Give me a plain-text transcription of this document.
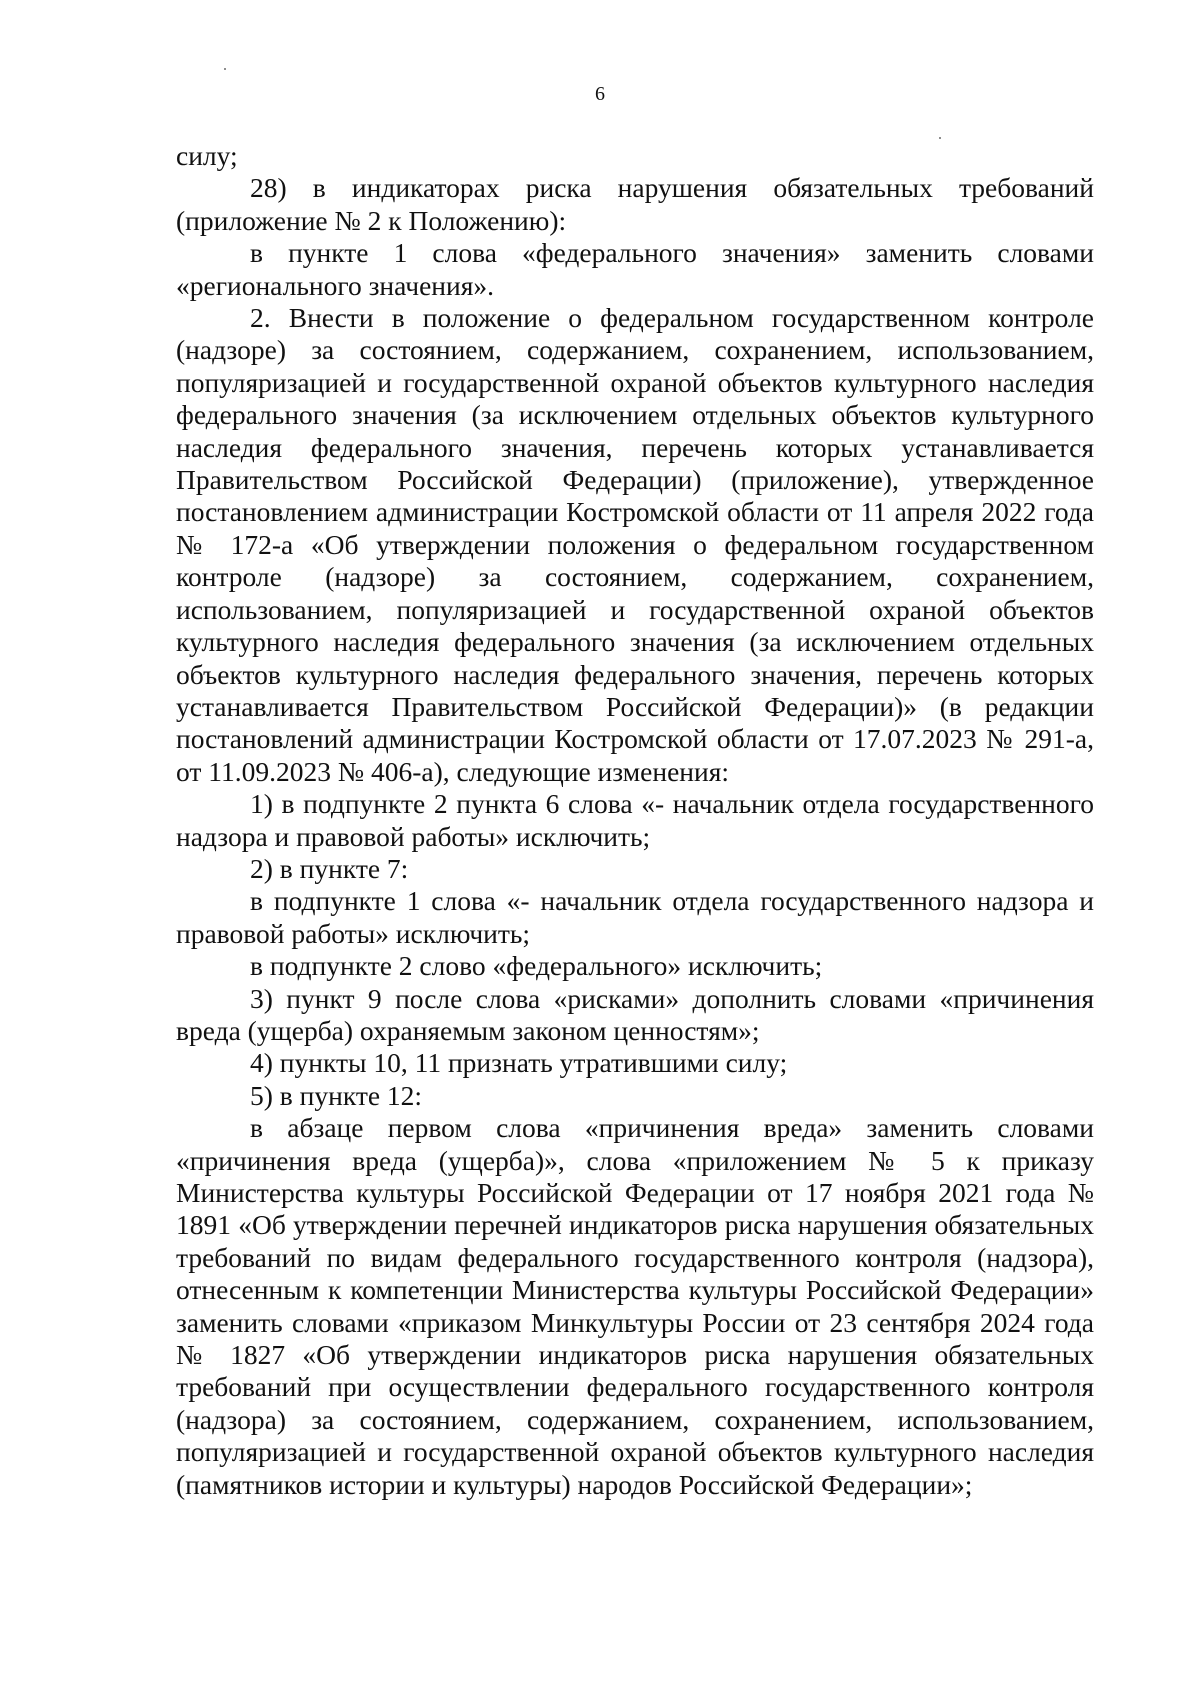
6

силу;

28) в индикаторах риска нарушения обязательных требований (приложение № 2 к Положению):

в пункте 1 слова «федерального значения» заменить словами «регионального значения».

2. Внести в положение о федеральном государственном контроле (надзоре) за состоянием, содержанием, сохранением, использованием, популяризацией и государственной охраной объектов культурного наследия федерального значения (за исключением отдельных объектов культурного наследия федерального значения, перечень которых устанавливается Правительством Российской Федерации) (приложение), утвержденное постановлением администрации Костромской области от 11 апреля 2022 года № 172-а «Об утверждении положения о федеральном государственном контроле (надзоре) за состоянием, содержанием, сохранением, использованием, популяризацией и государственной охраной объектов культурного наследия федерального значения (за исключением отдельных объектов культурного наследия федерального значения, перечень которых устанавливается Правительством Российской Федерации)» (в редакции постановлений администрации Костромской области от 17.07.2023 № 291-а, от 11.09.2023 № 406-а), следующие изменения:

1) в подпункте 2 пункта 6 слова «- начальник отдела государственного надзора и правовой работы» исключить;

2) в пункте 7:

в подпункте 1 слова «- начальник отдела государственного надзора и правовой работы» исключить;

в подпункте 2 слово «федерального» исключить;

3) пункт 9 после слова «рисками» дополнить словами «причинения вреда (ущерба) охраняемым законом ценностям»;

4) пункты 10, 11 признать утратившими силу;

5) в пункте 12:

в абзаце первом слова «причинения вреда» заменить словами «причинения вреда (ущерба)», слова «приложением № 5 к приказу Министерства культуры Российской Федерации от 17 ноября 2021 года № 1891 «Об утверждении перечней индикаторов риска нарушения обязательных требований по видам федерального государственного контроля (надзора), отнесенным к компетенции Министерства культуры Российской Федерации» заменить словами «приказом Минкультуры России от 23 сентября 2024 года № 1827 «Об утверждении индикаторов риска нарушения обязательных требований при осуществлении федерального государственного контроля (надзора) за состоянием, содержанием, сохранением, использованием, популяризацией и государственной охраной объектов культурного наследия (памятников истории и культуры) народов Российской Федерации»;
